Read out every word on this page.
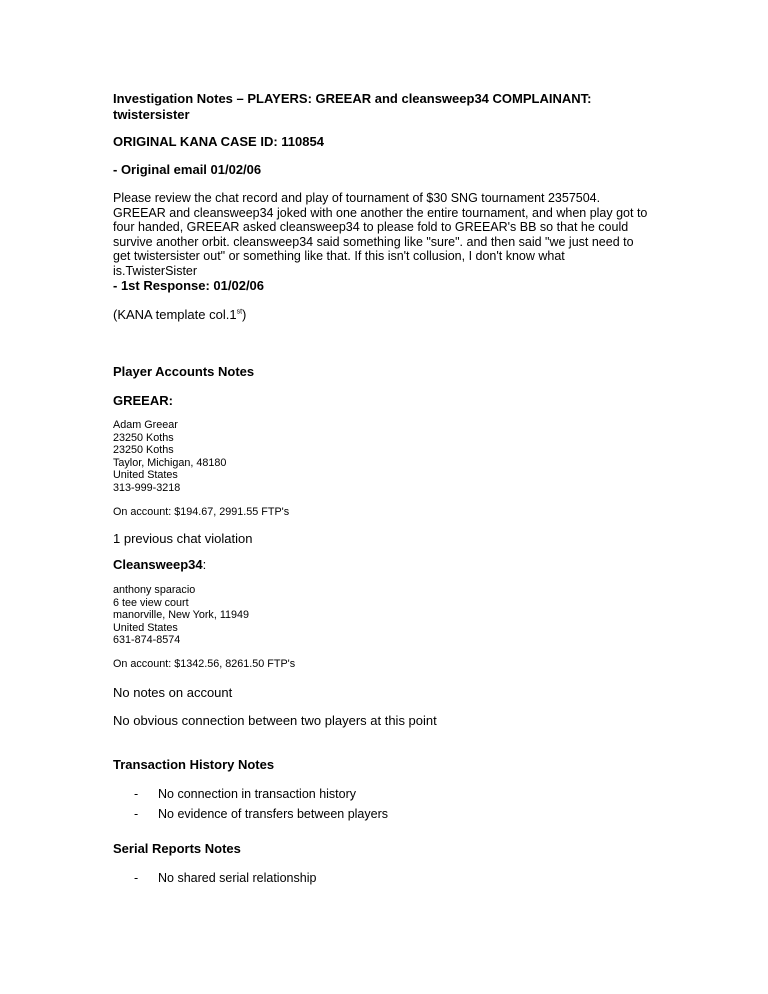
Investigation Notes – PLAYERS: GREEAR and cleansweep34 COMPLAINANT:
twistersister
ORIGINAL KANA CASE ID: 110854
- Original email 01/02/06
Please review the chat record and play of tournament of $30 SNG tournament 2357504.
GREEAR and cleansweep34 joked with one another the entire tournament, and when play got to
four handed, GREEAR asked cleansweep34 to please fold to GREEAR's BB so that he could
survive another orbit. cleansweep34 said something like "sure". and then said "we just need to
get twistersister out" or something like that. If this isn't collusion, I don't know what
is.TwisterSister
- 1st Response: 01/02/06
(KANA template col.1st)
Player Accounts Notes
GREEAR:
Adam Greear
23250 Koths
23250 Koths
Taylor, Michigan, 48180
United States
313-999-3218
On account: $194.67, 2991.55 FTP's
1 previous chat violation
Cleansweep34:
anthony sparacio
6 tee view court
manorville, New York, 11949
United States
631-874-8574
On account: $1342.56, 8261.50 FTP's
No notes on account
No obvious connection between two players at this point
Transaction History Notes
- No connection in transaction history
- No evidence of transfers between players
Serial Reports Notes
- No shared serial relationship
